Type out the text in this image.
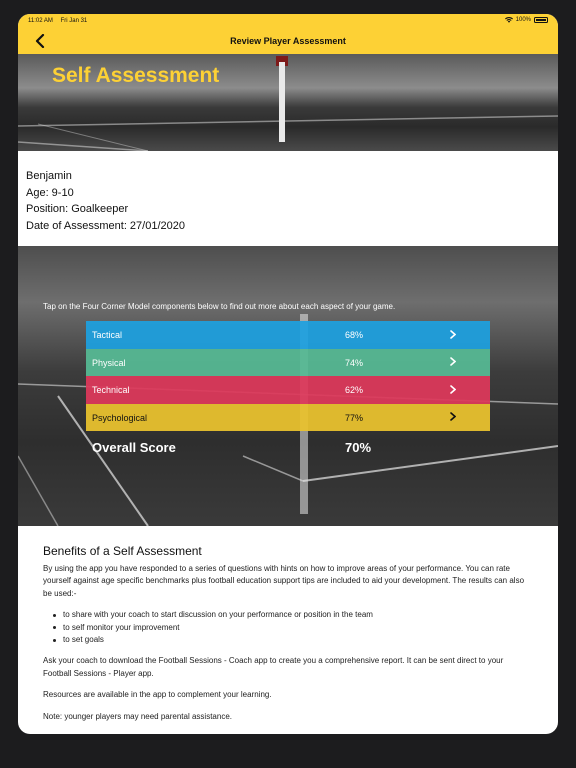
11:02 AM Fri Jan 31	100%
Review Player Assessment
Self Assessment
Benjamin
Age: 9-10
Position: Goalkeeper
Date of Assessment: 27/01/2020
Tap on the Four Corner Model components below to find out more about each aspect of your game.
Tactical	68%
Physical	74%
Technical	62%
Psychological	77%
Overall Score	70%
Benefits of a Self Assessment

By using the app you have responded to a series of questions with hints on how to improve areas of your performance. You can rate yourself against age specific benchmarks plus football education support tips are included to aid your development. The results can also be used:-

to share with your coach to start discussion on your performance or position in the team
to self monitor your improvement
to set goals

Ask your coach to download the Football Sessions - Coach app to create you a comprehensive report. It can be sent direct to your Football Sessions - Player app.

Resources are available in the app to complement your learning.

Note: younger players may need parental assistance.
